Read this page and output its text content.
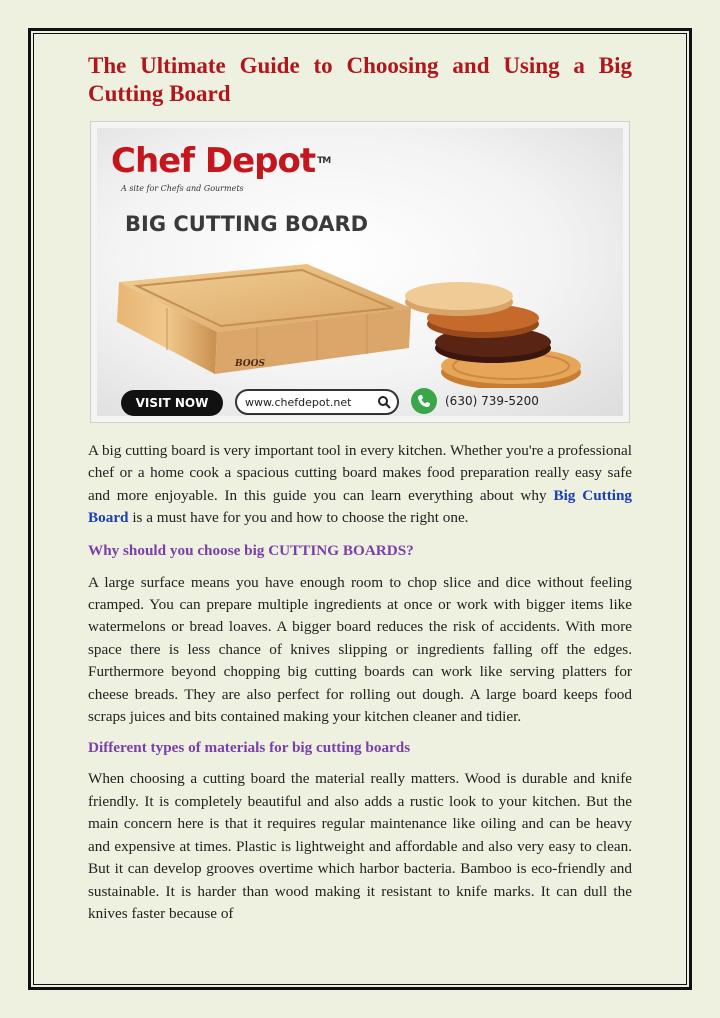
The Ultimate Guide to Choosing and Using a Big Cutting Board
Chef Depot ™
A site for Chefs and Gourmets
BIG CUTTING BOARD
BOOS
VISIT NOW	www.chefdepot.net	(630) 739-5200

A big cutting board is very important tool in every kitchen. Whether you're a professional chef or a home cook a spacious cutting board makes food preparation really easy safe and more enjoyable. In this guide you can learn everything about why Big Cutting Board is a must have for you and how to choose the right one.

Why should you choose big CUTTING BOARDS?

A large surface means you have enough room to chop slice and dice without feeling cramped. You can prepare multiple ingredients at once or work with bigger items like watermelons or bread loaves. A bigger board reduces the risk of accidents. With more space there is less chance of knives slipping or ingredients falling off the edges. Furthermore beyond chopping big cutting boards can work like serving platters for cheese breads. They are also perfect for rolling out dough. A large board keeps food scraps juices and bits contained making your kitchen cleaner and tidier.

Different types of materials for big cutting boards

When choosing a cutting board the material really matters. Wood is durable and knife friendly. It is completely beautiful and also adds a rustic look to your kitchen. But the main concern here is that it requires regular maintenance like oiling and can be heavy and expensive at times. Plastic is lightweight and affordable and also very easy to clean. But it can develop grooves overtime which harbor bacteria. Bamboo is eco-friendly and sustainable. It is harder than wood making it resistant to knife marks. It can dull the knives faster because of
